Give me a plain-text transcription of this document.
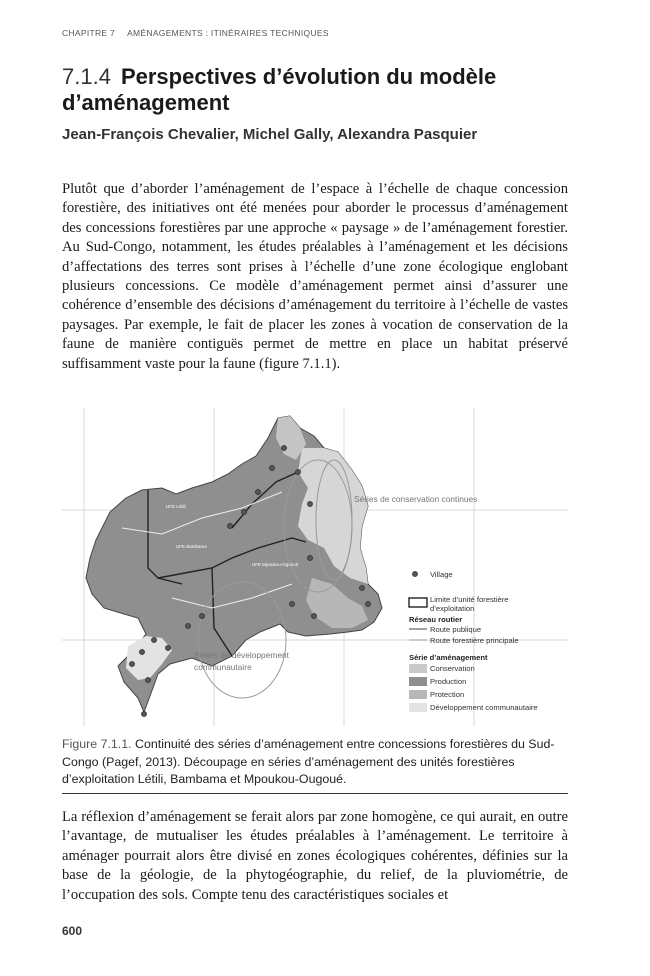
CHAPITRE 7 AMÉNAGEMENTS : ITINÉRAIRES TECHNIQUES
7.1.4 Perspectives d’évolution du modèle d’aménagement
Jean-François Chevalier, Michel Gally, Alexandra Pasquier
Plutôt que d’aborder l’aménagement de l’espace à l’échelle de chaque concession forestière, des initiatives ont été menées pour aborder le processus d’aménagement des concessions forestières par une approche « paysage » de l’aménagement forestier. Au Sud-Congo, notamment, les études préalables à l’aménagement et les décisions d’affectations des terres sont prises à l’échelle d’une zone écologique englobant plusieurs concessions. Ce modèle d’aménagement permet ainsi d’assurer une cohérence d’ensemble des décisions d’aménagement du territoire à l’échelle de vastes paysages. Par exemple, le fait de placer les zones à vocation de conservation de la faune de manière contiguës permet de mettre en place un habitat préservé suffisamment vaste pour la faune (figure 7.1.1).
Séries de conservation continues
Séries de développement
communautaire
UFE Létili
UFE Bambama
UFE Mpoukou-Ogooué
Village
Limite d’unité forestière
d’exploitation
Réseau routier
Route publique
Route forestière principale
Série d’aménagement
Conservation
Production
Protection
Développement communautaire
Figure 7.1.1. Continuité des séries d’aménagement entre concessions forestières du Sud-Congo (Pagef, 2013). Découpage en séries d’aménagement des unités forestières d’exploitation Létili, Bambama et Mpoukou-Ougoué.
La réflexion d’aménagement se ferait alors par zone homogène, ce qui aurait, en outre l’avantage, de mutualiser les études préalables à l’aménagement. Le territoire à aménager pourrait alors être divisé en zones écologiques cohérentes, définies sur la base de la géologie, de la phytogéographie, du relief, de la pluviométrie, de l’occupation des sols. Compte tenu des caractéristiques sociales et
600
